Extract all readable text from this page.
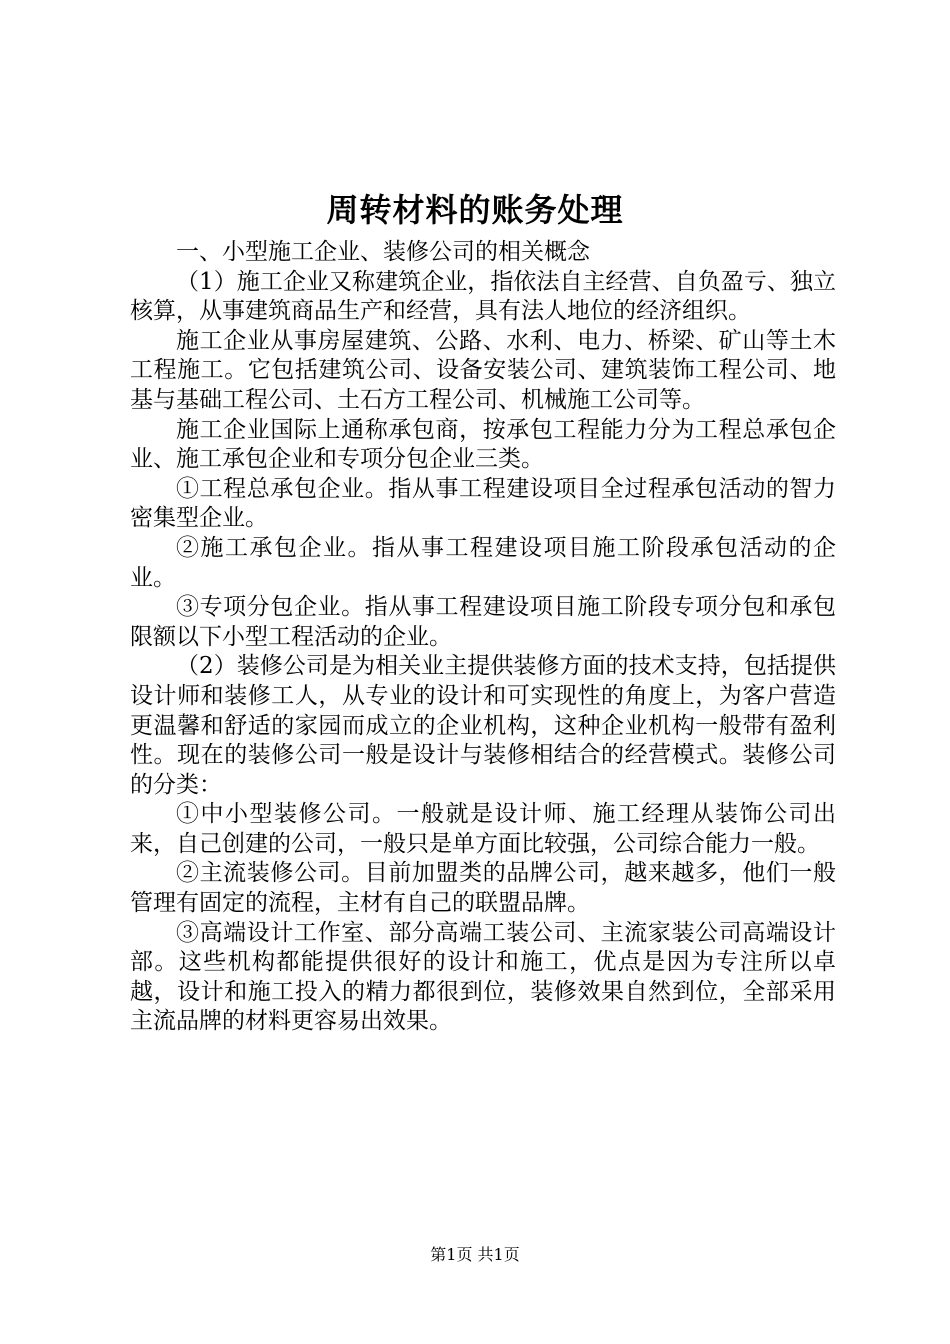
周转材料的账务处理

一、小型施工企业、装修公司的相关概念

（1）施工企业又称建筑企业，指依法自主经营、自负盈亏、独立核算，从事建筑商品生产和经营，具有法人地位的经济组织。

施工企业从事房屋建筑、公路、水利、电力、桥梁、矿山等土木工程施工。它包括建筑公司、设备安装公司、建筑装饰工程公司、地基与基础工程公司、土石方工程公司、机械施工公司等。

施工企业国际上通称承包商，按承包工程能力分为工程总承包企业、施工承包企业和专项分包企业三类。

①工程总承包企业。指从事工程建设项目全过程承包活动的智力密集型企业。

②施工承包企业。指从事工程建设项目施工阶段承包活动的企业。

③专项分包企业。指从事工程建设项目施工阶段专项分包和承包限额以下小型工程活动的企业。

（2）装修公司是为相关业主提供装修方面的技术支持，包括提供设计师和装修工人，从专业的设计和可实现性的角度上，为客户营造更温馨和舒适的家园而成立的企业机构，这种企业机构一般带有盈利性。现在的装修公司一般是设计与装修相结合的经营模式。装修公司的分类：

①中小型装修公司。一般就是设计师、施工经理从装饰公司出来，自己创建的公司，一般只是单方面比较强，公司综合能力一般。

②主流装修公司。目前加盟类的品牌公司，越来越多，他们一般管理有固定的流程，主材有自己的联盟品牌。

③高端设计工作室、部分高端工装公司、主流家装公司高端设计部。这些机构都能提供很好的设计和施工，优点是因为专注所以卓越，设计和施工投入的精力都很到位，装修效果自然到位，全部采用主流品牌的材料更容易出效果。

第1页 共1页
